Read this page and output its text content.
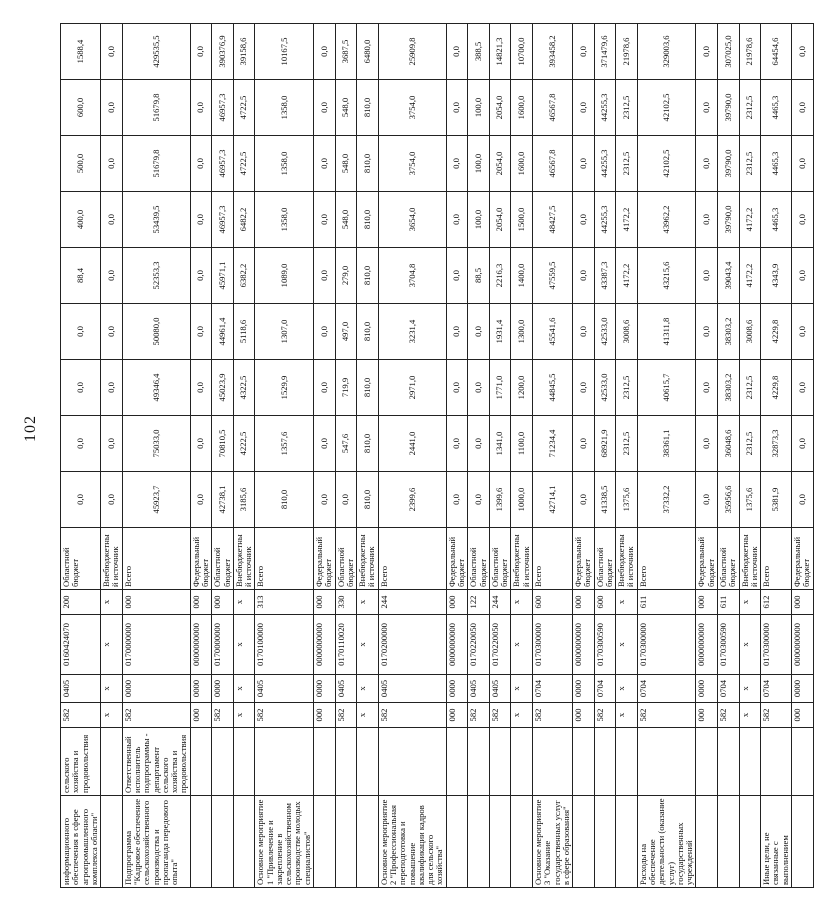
102
информационного обеспечения в сфере агропромышленного комплекса области"	сельского хозяйства и продовольствия	582	0405	0160424070	200	Областной бюджет	0,0	0,0	0,0	0,0	88,4	400,0	500,0	600,0	1588,4
		x	x	x	x	Внебюджетный источник	0,0	0,0	0,0	0,0	0,0	0,0	0,0	0,0	0,0
Подпрограмма "Кадровое обеспечение сельскохозяйственного производства и пропаганда передового опыта"	Ответственный исполнитель подпрограммы - департамент сельского хозяйства и продовольствия	582	0000	0170000000	000	Всего	45923,7	75033,0	49346,4	50080,0	52353,3	53439,5	51679,8	51679,8	429535,5
		000	0000	0000000000	000	Федеральный бюджет	0,0	0,0	0,0	0,0	0,0	0,0	0,0	0,0	0,0
		582	0000	0170000000	000	Областной бюджет	42738,1	70810,5	45023,9	44961,4	45971,1	46957,3	46957,3	46957,3	390376,9
		x	x	x	x	Внебюджетный источник	3185,6	4222,5	4322,5	5118,6	6382,2	6482,2	4722,5	4722,5	39158,6
Основное мероприятие 1 "Привлечение и закрепление в сельскохозяйственном производстве молодых специалистов"		582	0405	0170100000	313	Всего	810,0	1357,6	1529,9	1307,0	1089,0	1358,0	1358,0	1358,0	10167,5
		000	0000	0000000000	000	Федеральный бюджет	0,0	0,0	0,0	0,0	0,0	0,0	0,0	0,0	0,0
		582	0405	0170110020	330	Областной бюджет	0,0	547,6	719,9	497,0	279,0	548,0	548,0	548,0	3687,5
		x	x	x	x	Внебюджетный источник	810,0	810,0	810,0	810,0	810,0	810,0	810,0	810,0	6480,0
Основное мероприятие 2 "Профессиональная переподготовка и повышение квалификации кадров для сельского хозяйства"		582	0405	0170200000	244	Всего	2399,6	2441,0	2971,0	3231,4	3704,8	3654,0	3754,0	3754,0	25909,8
		000	0000	0000000000	000	Федеральный бюджет	0,0	0,0	0,0	0,0	0,0	0,0	0,0	0,0	0,0
		582	0405	0170220050	122	Областной бюджет	0,0	0,0	0,0	0,0	88,5	100,0	100,0	100,0	388,5
		582	0405	0170220050	244	Областной бюджет	1399,6	1341,0	1771,0	1931,4	2216,3	2054,0	2054,0	2054,0	14821,3
		x	x	x	x	Внебюджетный источник	1000,0	1100,0	1200,0	1300,0	1400,0	1500,0	1600,0	1600,0	10700,0
Основное мероприятие 3 "Оказание государственных услуг в сфере образования"		582	0704	0170300000	600	Всего	42714,1	71234,4	44845,5	45541,6	47559,5	48427,5	46567,8	46567,8	393458,2
		000	0000	0000000000	000	Федеральный бюджет	0,0	0,0	0,0	0,0	0,0	0,0	0,0	0,0	0,0
		582	0704	0170300590	600	Областной бюджет	41338,5	68921,9	42533,0	42533,0	43387,3	44255,3	44255,3	44255,3	371479,6
		x	x	x	x	Внебюджетный источник	1375,6	2312,5	2312,5	3008,6	4172,2	4172,2	2312,5	2312,5	21978,6
Расходы на обеспечение деятельности (оказание услуг) государственных учреждений		582	0704	0170300000	611	Всего	37332,2	38361,1	40615,7	41311,8	43215,6	43962,2	42102,5	42102,5	329003,6
		000	0000	0000000000	000	Федеральный бюджет	0,0	0,0	0,0	0,0	0,0	0,0	0,0	0,0	0,0
		582	0704	0170300590	611	Областной бюджет	35956,6	36048,6	38303,2	38303,2	39043,4	39790,0	39790,0	39790,0	307025,0
		x	x	x	x	Внебюджетный источник	1375,6	2312,5	2312,5	3008,6	4172,2	4172,2	2312,5	2312,5	21978,6
Иные цели, не связанные с выполнением		582	0704	0170300000	612	Всего	5381,9	32873,3	4229,8	4229,8	4343,9	4465,3	4465,3	4465,3	64454,6
		000	0000	0000000000	000	Федеральный бюджет	0,0	0,0	0,0	0,0	0,0	0,0	0,0	0,0	0,0
